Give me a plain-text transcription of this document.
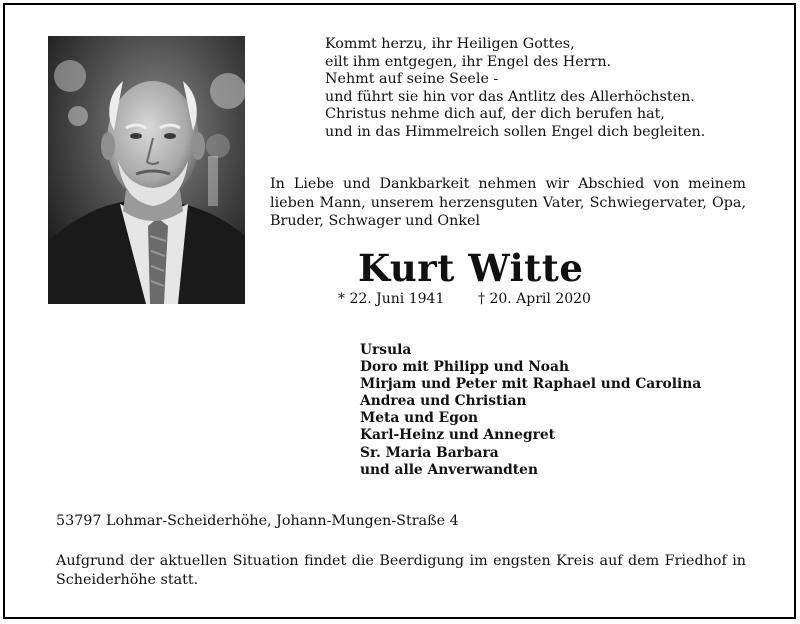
Kommt herzu, ihr Heiligen Gottes,
eilt ihm entgegen, ihr Engel des Herrn.
Nehmt auf seine Seele -
und führt sie hin vor das Antlitz des Allerhöchsten.
Christus nehme dich auf, der dich berufen hat,
und in das Himmelreich sollen Engel dich begleiten.
In Liebe und Dankbarkeit nehmen wir Abschied von meinem lieben Mann, unserem herzensguten Vater, Schwiegervater, Opa, Bruder, Schwager und Onkel
Kurt Witte
* 22. Juni 1941 † 20. April 2020
Ursula
Doro mit Philipp und Noah
Mirjam und Peter mit Raphael und Carolina
Andrea und Christian
Meta und Egon
Karl-Heinz und Annegret
Sr. Maria Barbara
und alle Anverwandten
53797 Lohmar-Scheiderhöhe, Johann-Mungen-Straße 4
Aufgrund der aktuellen Situation findet die Beerdigung im engsten Kreis auf dem Friedhof in Scheiderhöhe statt.
